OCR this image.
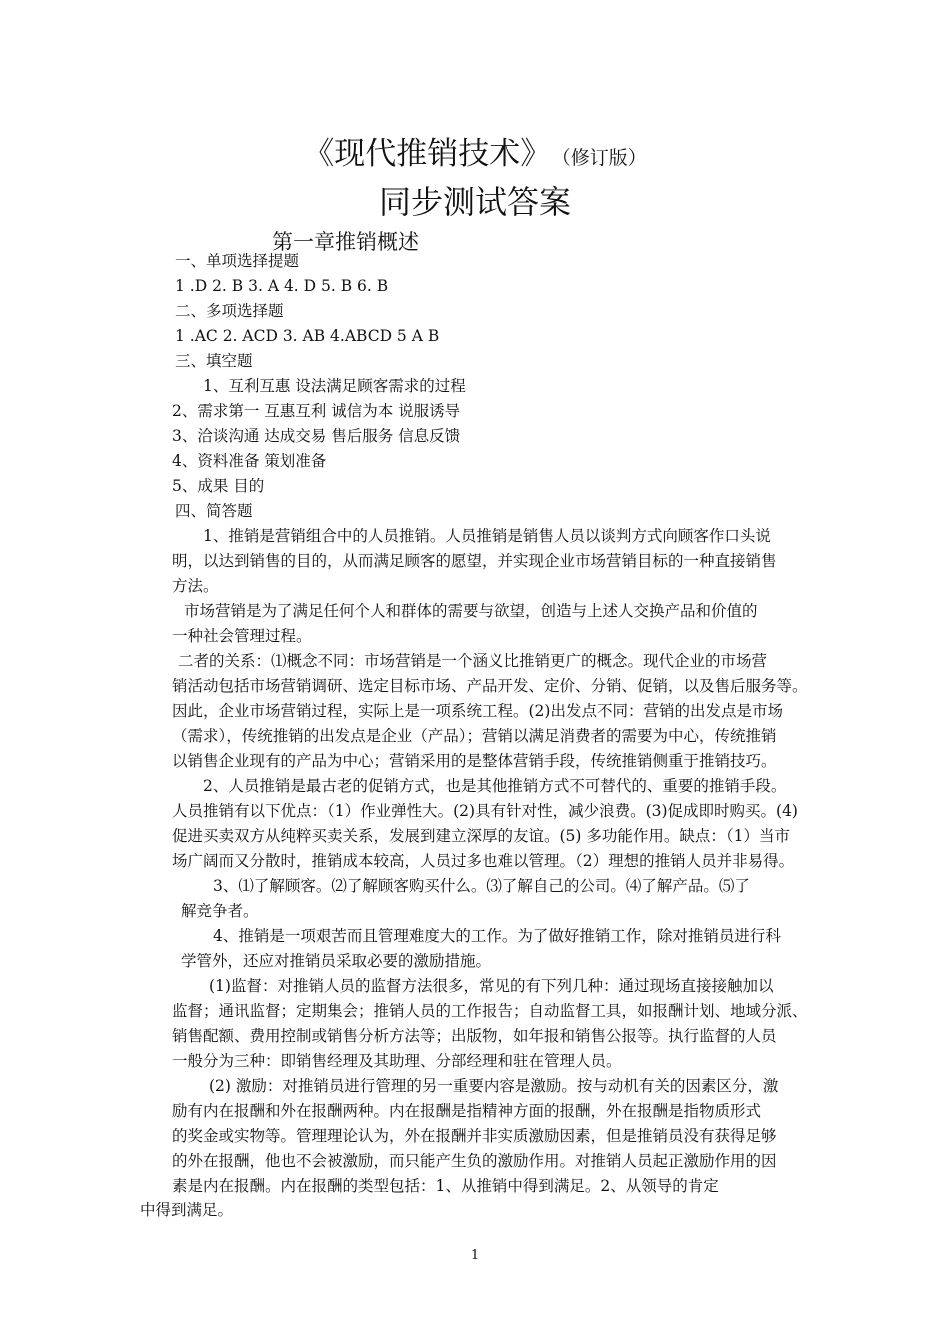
《现代推销技术》 （修订版）
同步测试答案
第一章推销概述
一、单项选择提题
1 .D 2. B 3. A 4. D 5. B 6. B
二、多项选择题
1 .AC 2. ACD 3. AB 4.ABCD 5 A B
三、填空题
1、互利互惠 设法满足顾客需求的过程
2、需求第一 互惠互利 诚信为本 说服诱导
3、洽谈沟通 达成交易 售后服务 信息反馈
4、资料准备 策划准备
5、成果 目的
四、简答题
1、推销是营销组合中的人员推销。人员推销是销售人员以谈判方式向顾客作口头说
明，以达到销售的目的，从而满足顾客的愿望，并实现企业市场营销目标的一种直接销售
方法。
市场营销是为了满足任何个人和群体的需要与欲望，创造与上述人交换产品和价值的
一种社会管理过程。
二者的关系：⑴概念不同：市场营销是一个涵义比推销更广的概念。现代企业的市场营
销活动包括市场营销调研、选定目标市场、产品开发、定价、分销、促销，以及售后服务等。
因此，企业市场营销过程，实际上是一项系统工程。(2)出发点不同：营销的出发点是市场
（需求），传统推销的出发点是企业（产品）；营销以满足消费者的需要为中心，传统推销
以销售企业现有的产品为中心；营销采用的是整体营销手段，传统推销侧重于推销技巧。
2、人员推销是最古老的促销方式，也是其他推销方式不可替代的、重要的推销手段。
人员推销有以下优点：（1）作业弹性大。(2)具有针对性，减少浪费。(3)促成即时购买。(4)
促进买卖双方从纯粹买卖关系，发展到建立深厚的友谊。(5) 多功能作用。缺点：（1）当市
场广阔而又分散时，推销成本较高，人员过多也难以管理。（2）理想的推销人员并非易得。
3、⑴了解顾客。⑵了解顾客购买什么。⑶了解自己的公司。⑷了解产品。⑸了
解竞争者。
4、推销是一项艰苦而且管理难度大的工作。为了做好推销工作，除对推销员进行科
学管外，还应对推销员采取必要的激励措施。
(1)监督：对推销人员的监督方法很多，常见的有下列几种：通过现场直接接触加以
监督；通讯监督；定期集会；推销人员的工作报告；自动监督工具，如报酬计划、地域分派、
销售配额、费用控制或销售分析方法等；出版物，如年报和销售公报等。执行监督的人员
一般分为三种：即销售经理及其助理、分部经理和驻在管理人员。
(2) 激励：对推销员进行管理的另一重要内容是激励。按与动机有关的因素区分，激
励有内在报酬和外在报酬两种。内在报酬是指精神方面的报酬，外在报酬是指物质形式
的奖金或实物等。管理理论认为，外在报酬并非实质激励因素，但是推销员没有获得足够
的外在报酬，他也不会被激励，而只能产生负的激励作用。对推销人员起正激励作用的因
素是内在报酬。内在报酬的类型包括：1、从推销中得到满足。2、从领导的肯定
中得到满足。
1
